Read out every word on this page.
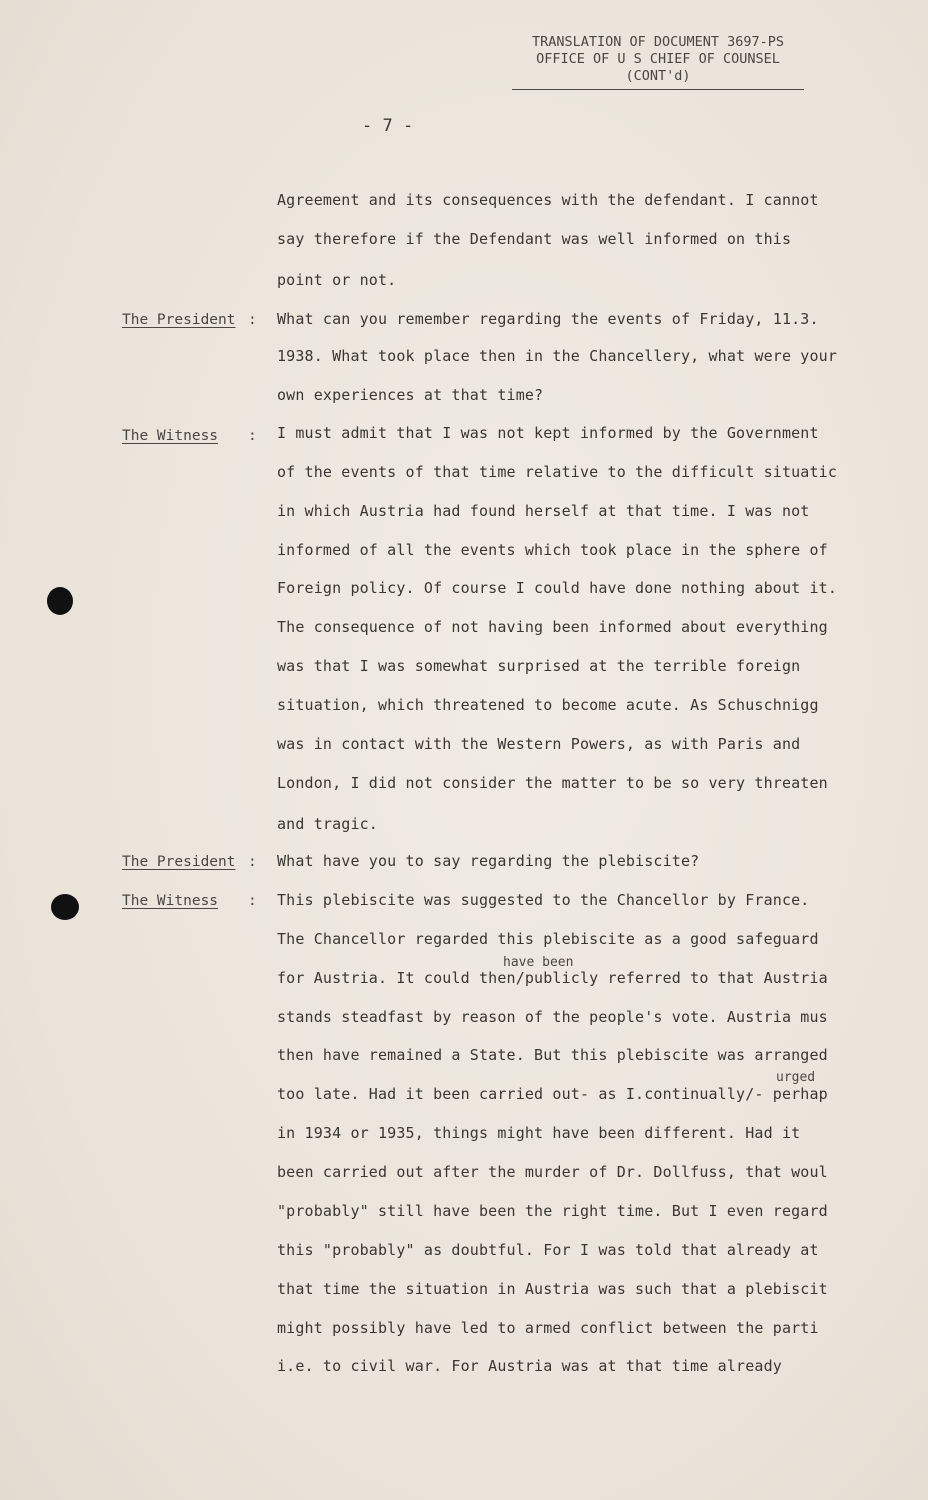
TRANSLATION OF DOCUMENT 3697-PS
OFFICE OF U S CHIEF OF COUNSEL
(CONT'd)
- 7 -
The President :
The Witness :
The President :
The Witness :
Agreement and its consequences with the defendant. I cannot
say therefore if the Defendant was well informed on this
point or not.
What can you remember regarding the events of Friday, 11.3.
1938. What took place then in the Chancellery, what were your
own experiences at that time?
I must admit that I was not kept informed by the Government
of the events of that time relative to the difficult situatic
in which Austria had found herself at that time. I was not
informed of all the events which took place in the sphere of
Foreign policy. Of course I could have done nothing about it.
The consequence of not having been informed about everything
was that I was somewhat surprised at the terrible foreign
situation, which threatened to become acute. As Schuschnigg
was in contact with the Western Powers, as with Paris and
London, I did not consider the matter to be so very threaten
and tragic.
What have you to say regarding the plebiscite?
This plebiscite was suggested to the Chancellor by France.
The Chancellor regarded this plebiscite as a good safeguard
for Austria. It could then/publicly referred to that Austria
stands steadfast by reason of the people's vote. Austria mus
then have remained a State. But this plebiscite was arranged
too late. Had it been carried out- as I.continually/- perhap
in 1934 or 1935, things might have been different. Had it
been carried out after the murder of Dr. Dollfuss, that woul
"probably" still have been the right time. But I even regard
this "probably" as doubtful. For I was told that already at
that time the situation in Austria was such that a plebiscit
might possibly have led to armed conflict between the parti
i.e. to civil war. For Austria was at that time already
have been
urged
